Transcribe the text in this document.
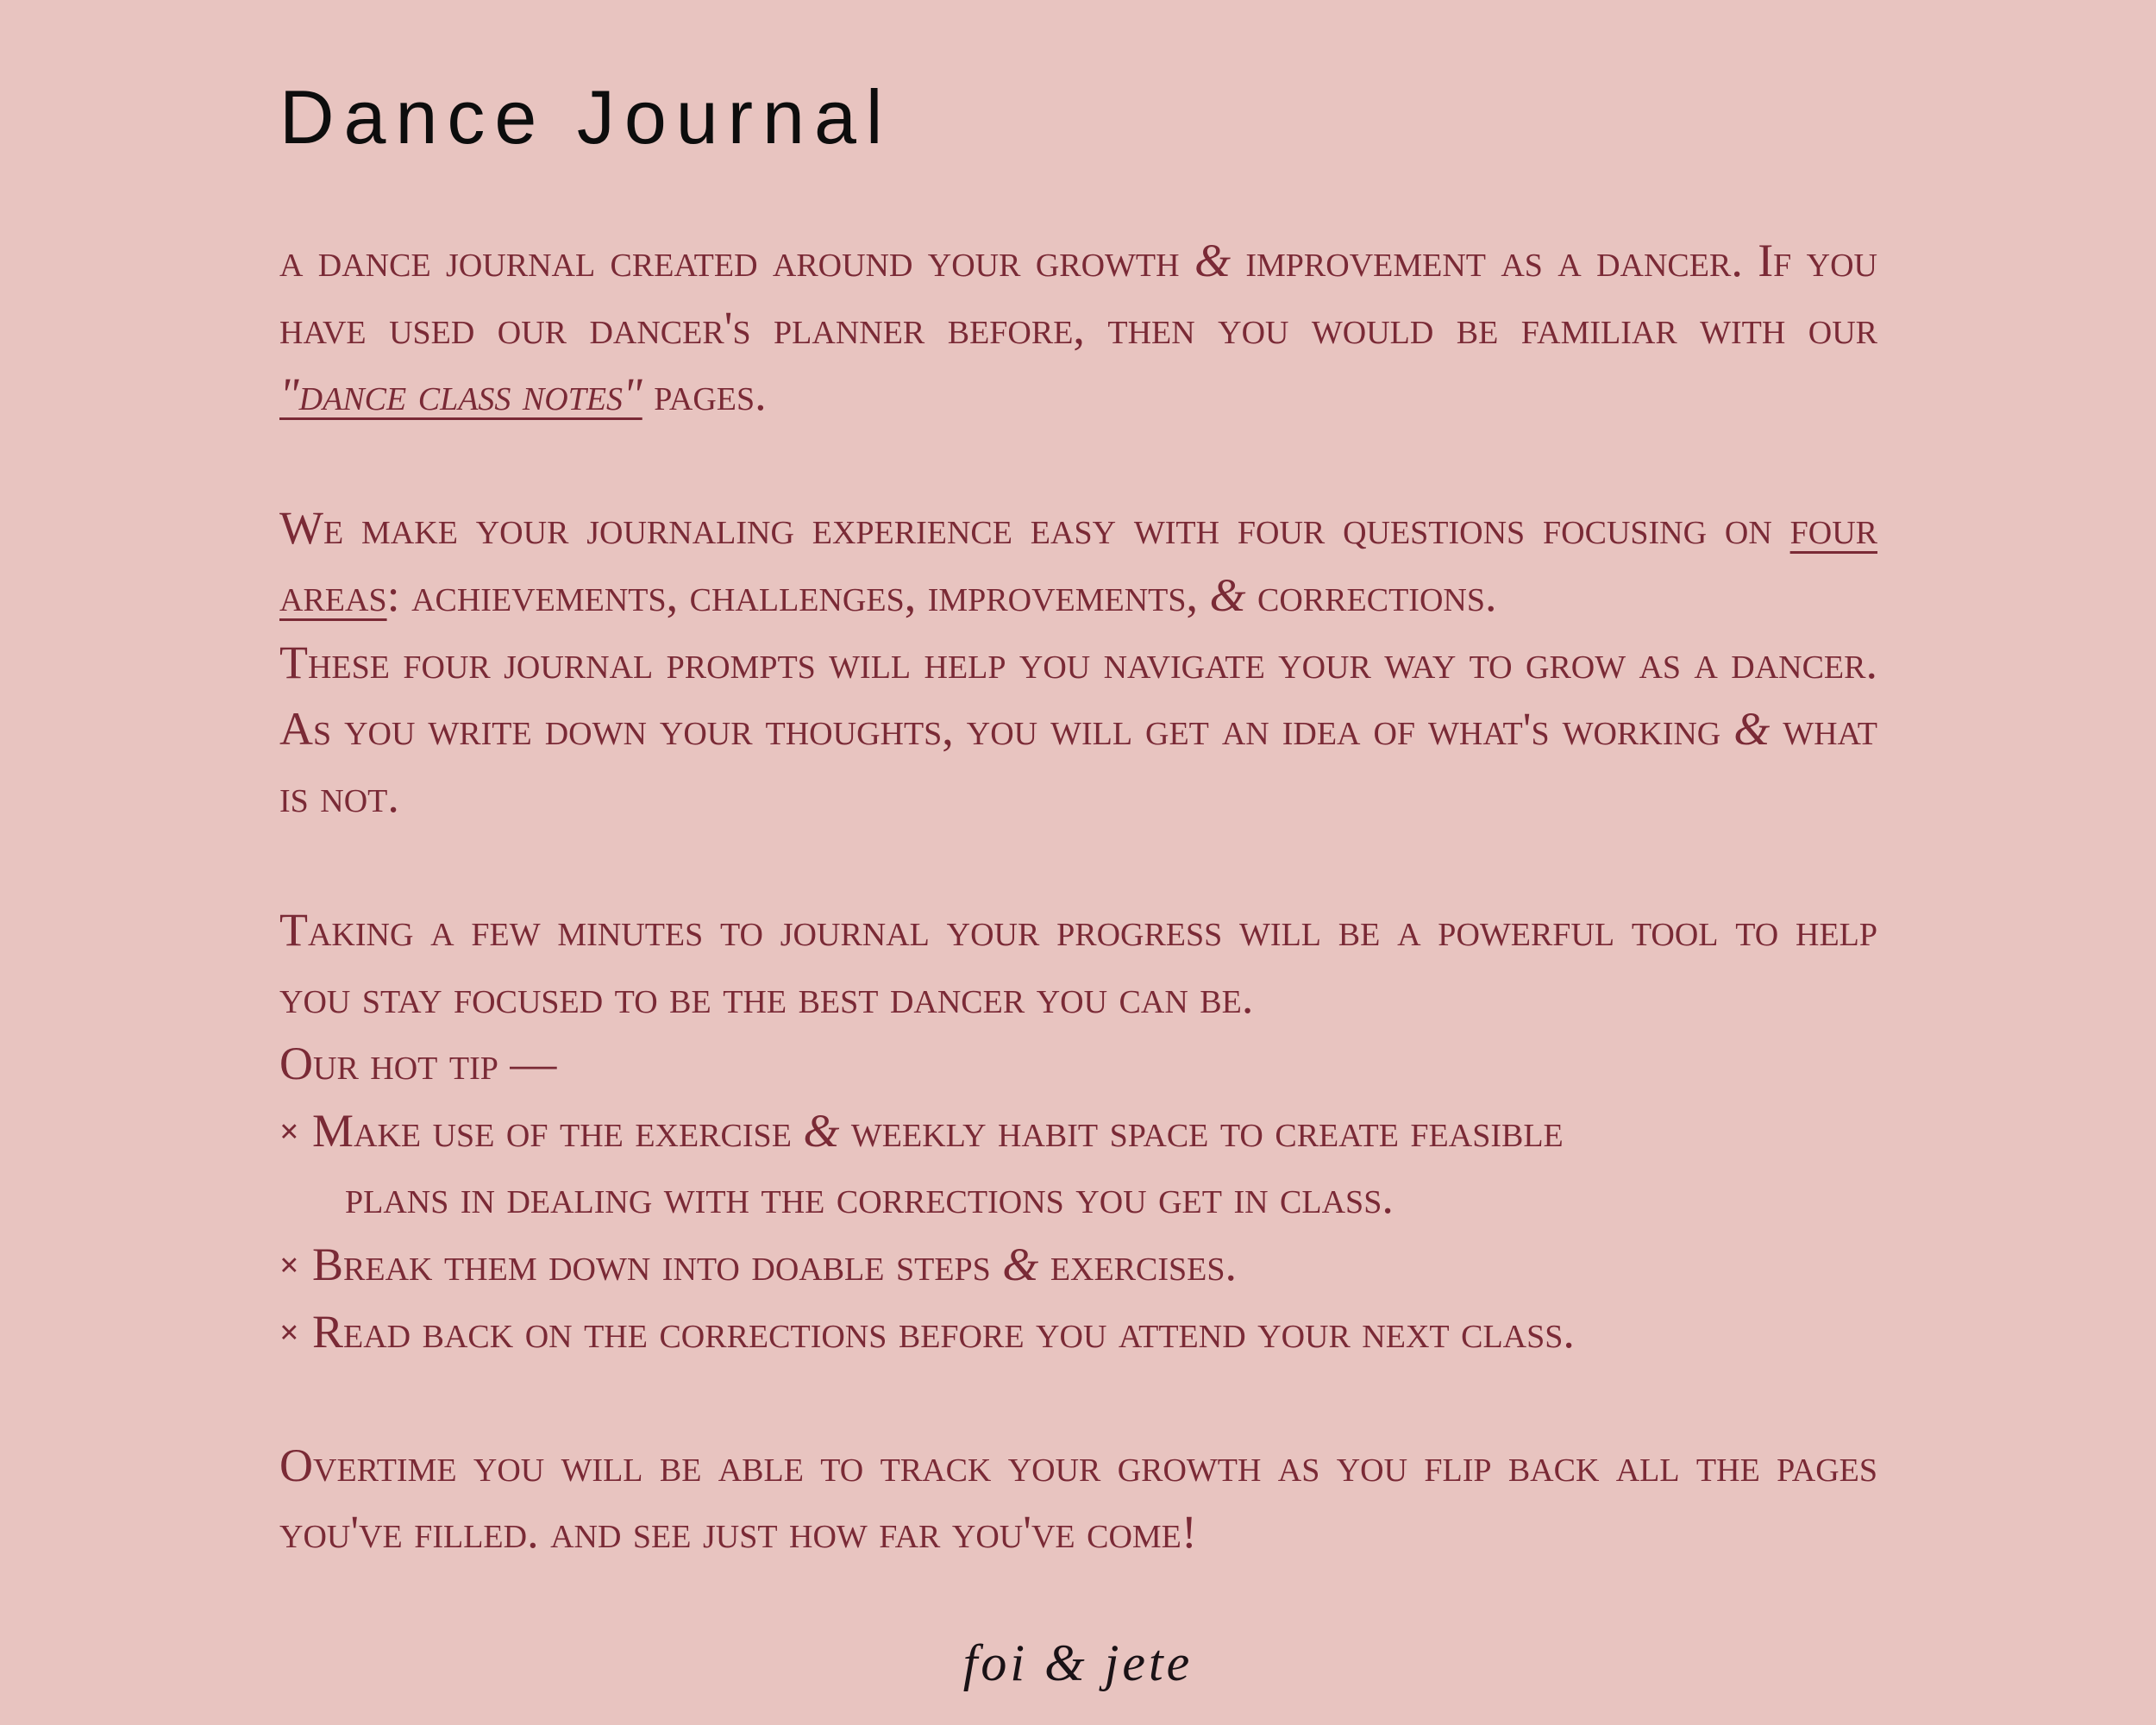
Dance Journal

a dance journal created around your growth & improvement as a dancer. If you have used our dancer's planner before, then you would be familiar with our "dance class notes" pages.

We make your journaling experience easy with four questions focusing on four areas: achievements, challenges, improvements, & corrections.

These four journal prompts will help you navigate your way to grow as a dancer. As you write down your thoughts, you will get an idea of what's working & what is not.

Taking a few minutes to journal your progress will be a powerful tool to help you stay focused to be the best dancer you can be.

Our hot tip —

× Make use of the exercise & weekly habit space to create feasible
plans in dealing with the corrections you get in class.
× Break them down into doable steps & exercises.
× Read back on the corrections before you attend your next class.

Overtime you will be able to track your growth as you flip back all the pages you've filled. and see just how far you've come!

foi & jete
